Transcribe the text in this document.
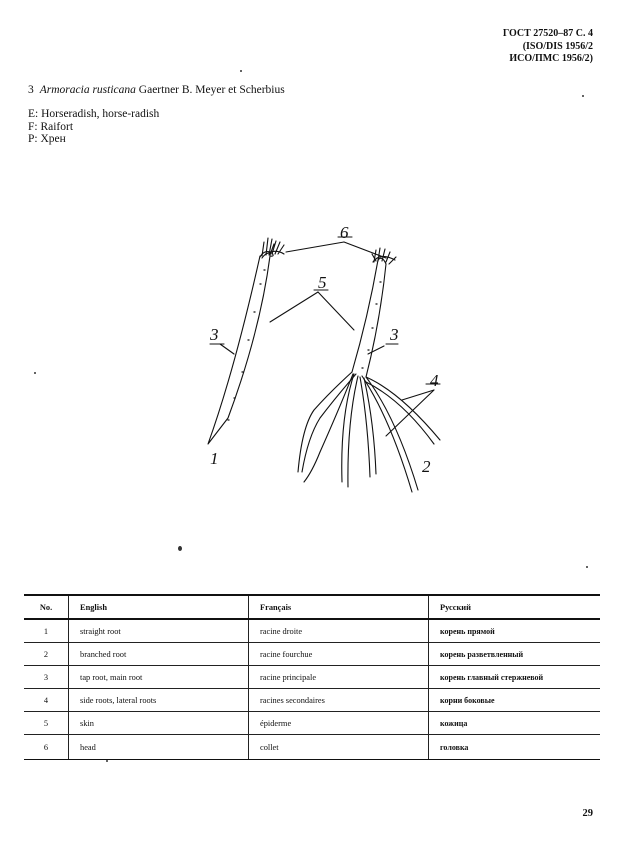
ГОСТ 27520–87 С. 4
(ISO/DIS 1956/2
ИСО/ПМС 1956/2)
3 Armoracia rusticana Gaertner B. Meyer et Scherbius
E: Horseradish, horse-radish
F: Raifort
P: Хрен
1	2
3	3
4
5
6
No.	English	Français	Русский
1	straight root	racine droite	корень прямой
2	branched root	racine fourchue	корень разветвленный
3	tap root, main root	racine principale	корень главный стержневой
4	side roots, lateral roots	racines secondaires	корни боковые
5	skin	épiderme	кожица
6	head	collet	головка
29
